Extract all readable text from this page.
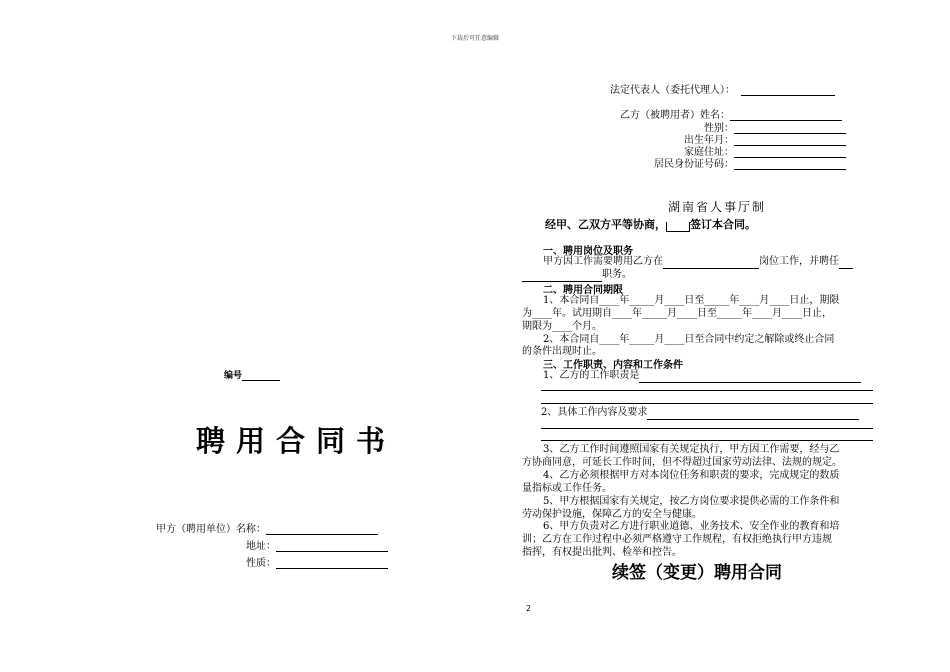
下载后可任意编辑
编号
聘用合同书
甲方（聘用单位）名称：
地址：
性质：
法定代表人（委托代理人）：
乙方（被聘用者）姓名：
性别：
出生年月：
家庭住址：
居民身份证号码：
湖南省人事厅制
经甲、乙双方平等协商， 签订本合同。
一、聘用岗位及职务
甲方因工作需要聘用乙方在	岗位工作，并聘任
职务。
二、聘用合同期限
1、本合同自____年_____月____日至_____年____月____日止，期限
为____年。试用期自____年_____月____日至_____年____月____日止，
期限为____个月。
2、本合同自____年_____月____日至合同中约定之解除或终止合同
的条件出现时止。
三、工作职责、内容和工作条件
1、乙方的工作职责是
2、具体工作内容及要求
3、乙方工作时间遵照国家有关规定执行，甲方因工作需要，经与乙
方协商同意，可延长工作时间，但不得超过国家劳动法律、法规的规定。
4、乙方必须根据甲方对本岗位任务和职责的要求，完成规定的数质
量指标或工作任务。
5、甲方根据国家有关规定，按乙方岗位要求提供必需的工作条件和
劳动保护设施，保障乙方的安全与健康。
6、甲方负责对乙方进行职业道德、业务技术、安全作业的教育和培
训；乙方在工作过程中必须严格遵守工作规程，有权拒绝执行甲方违规
指挥，有权提出批判、检举和控告。
续签（变更）聘用合同
2
